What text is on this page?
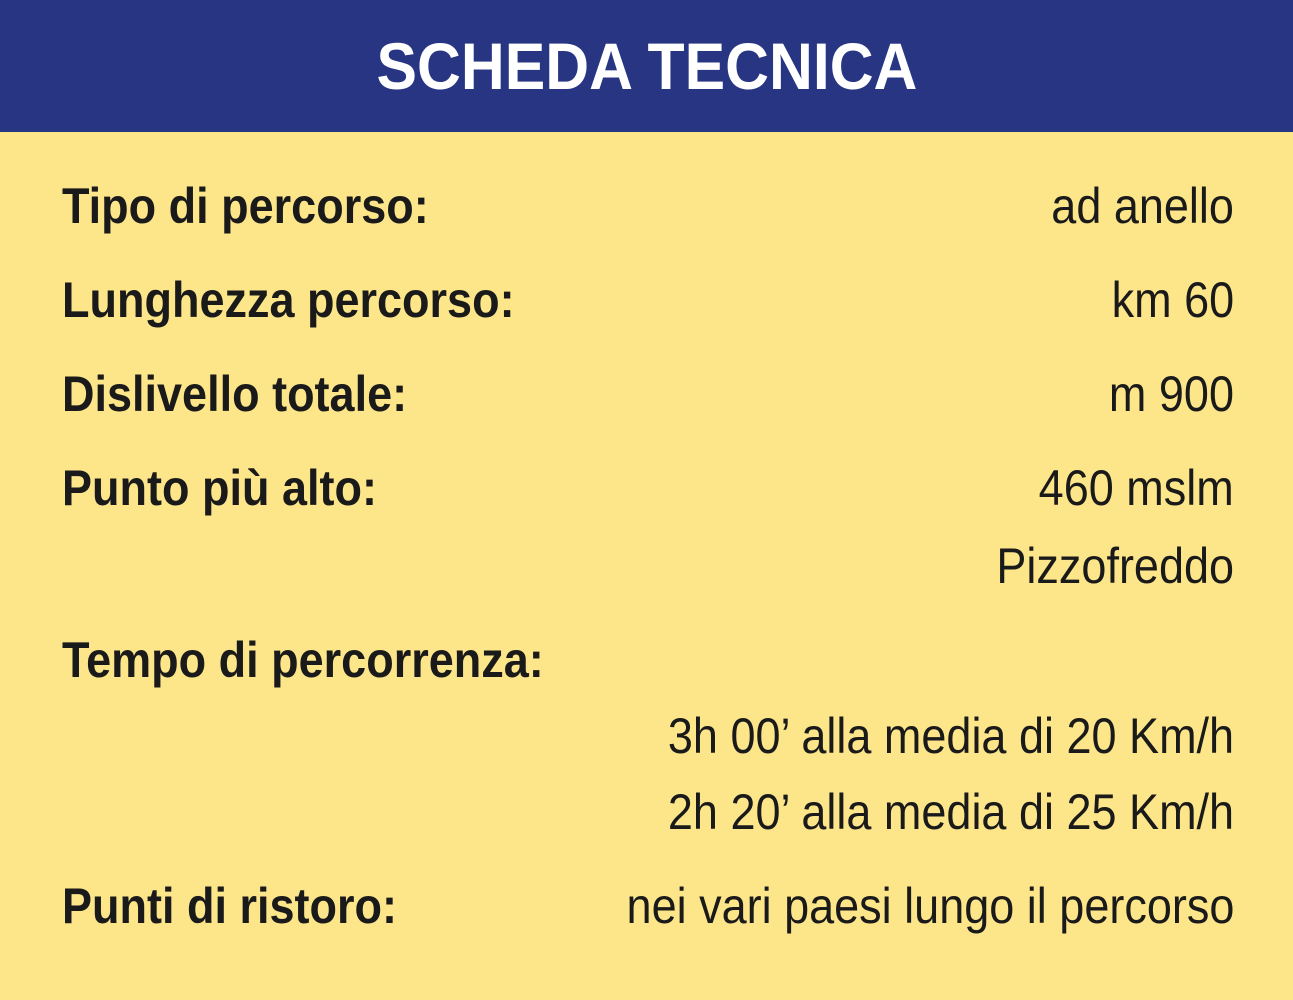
SCHEDA TECNICA
Tipo di percorso:	ad anello
Lunghezza percorso:	km 60
Dislivello totale:	m 900
Punto più alto:	460 mslm
Pizzofreddo
Tempo di percorrenza:
3h 00’ alla media di 20 Km/h
2h 20’ alla media di 25 Km/h
Punti di ristoro:	nei vari paesi lungo il percorso
